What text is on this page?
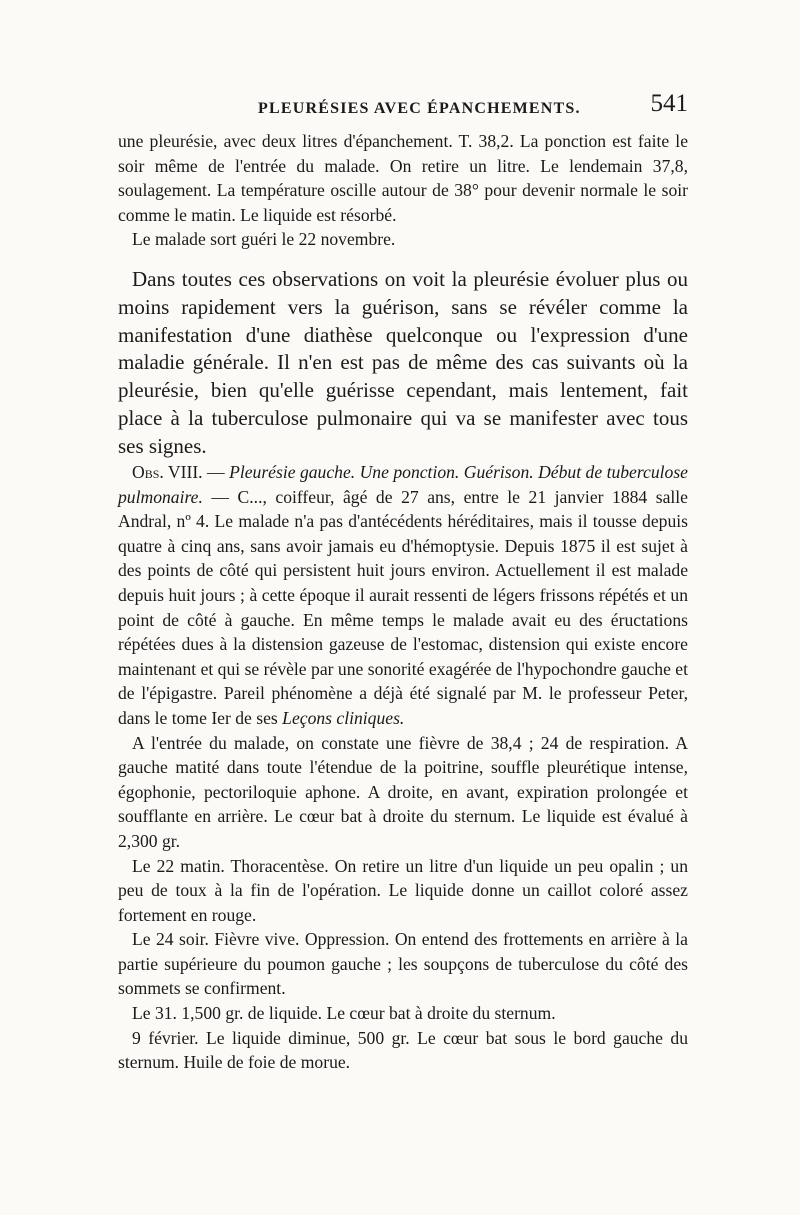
PLEURÉSIES AVEC ÉPANCHEMENTS.	541

une pleurésie, avec deux litres d'épanchement. T. 38,2. La ponction est faite le soir même de l'entrée du malade. On retire un litre. Le lendemain 37,8, soulagement. La température oscille autour de 38° pour devenir normale le soir comme le matin. Le liquide est résorbé.

Le malade sort guéri le 22 novembre.

Dans toutes ces observations on voit la pleurésie évoluer plus ou moins rapidement vers la guérison, sans se révéler comme la manifestation d'une diathèse quelconque ou l'expression d'une maladie générale. Il n'en est pas de même des cas suivants où la pleurésie, bien qu'elle guérisse cependant, mais lentement, fait place à la tuberculose pulmonaire qui va se manifester avec tous ses signes.

Obs. VIII. — Pleurésie gauche. Une ponction. Guérison. Début de tuberculose pulmonaire. — C..., coiffeur, âgé de 27 ans, entre le 21 janvier 1884 salle Andral, nº 4. Le malade n'a pas d'antécédents héréditaires, mais il tousse depuis quatre à cinq ans, sans avoir jamais eu d'hémoptysie. Depuis 1875 il est sujet à des points de côté qui persistent huit jours environ. Actuellement il est malade depuis huit jours ; à cette époque il aurait ressenti de légers frissons répétés et un point de côté à gauche. En même temps le malade avait eu des éructations répétées dues à la distension gazeuse de l'estomac, distension qui existe encore maintenant et qui se révèle par une sonorité exagérée de l'hypochondre gauche et de l'épigastre. Pareil phénomène a déjà été signalé par M. le professeur Peter, dans le tome Ier de ses Leçons cliniques.

A l'entrée du malade, on constate une fièvre de 38,4 ; 24 de respiration. A gauche matité dans toute l'étendue de la poitrine, souffle pleurétique intense, égophonie, pectoriloquie aphone. A droite, en avant, expiration prolongée et soufflante en arrière. Le cœur bat à droite du sternum. Le liquide est évalué à 2,300 gr.

Le 22 matin. Thoracentèse. On retire un litre d'un liquide un peu opalin ; un peu de toux à la fin de l'opération. Le liquide donne un caillot coloré assez fortement en rouge.

Le 24 soir. Fièvre vive. Oppression. On entend des frottements en arrière à la partie supérieure du poumon gauche ; les soupçons de tuberculose du côté des sommets se confirment.

Le 31. 1,500 gr. de liquide. Le cœur bat à droite du sternum.

9 février. Le liquide diminue, 500 gr. Le cœur bat sous le bord gauche du sternum. Huile de foie de morue.
